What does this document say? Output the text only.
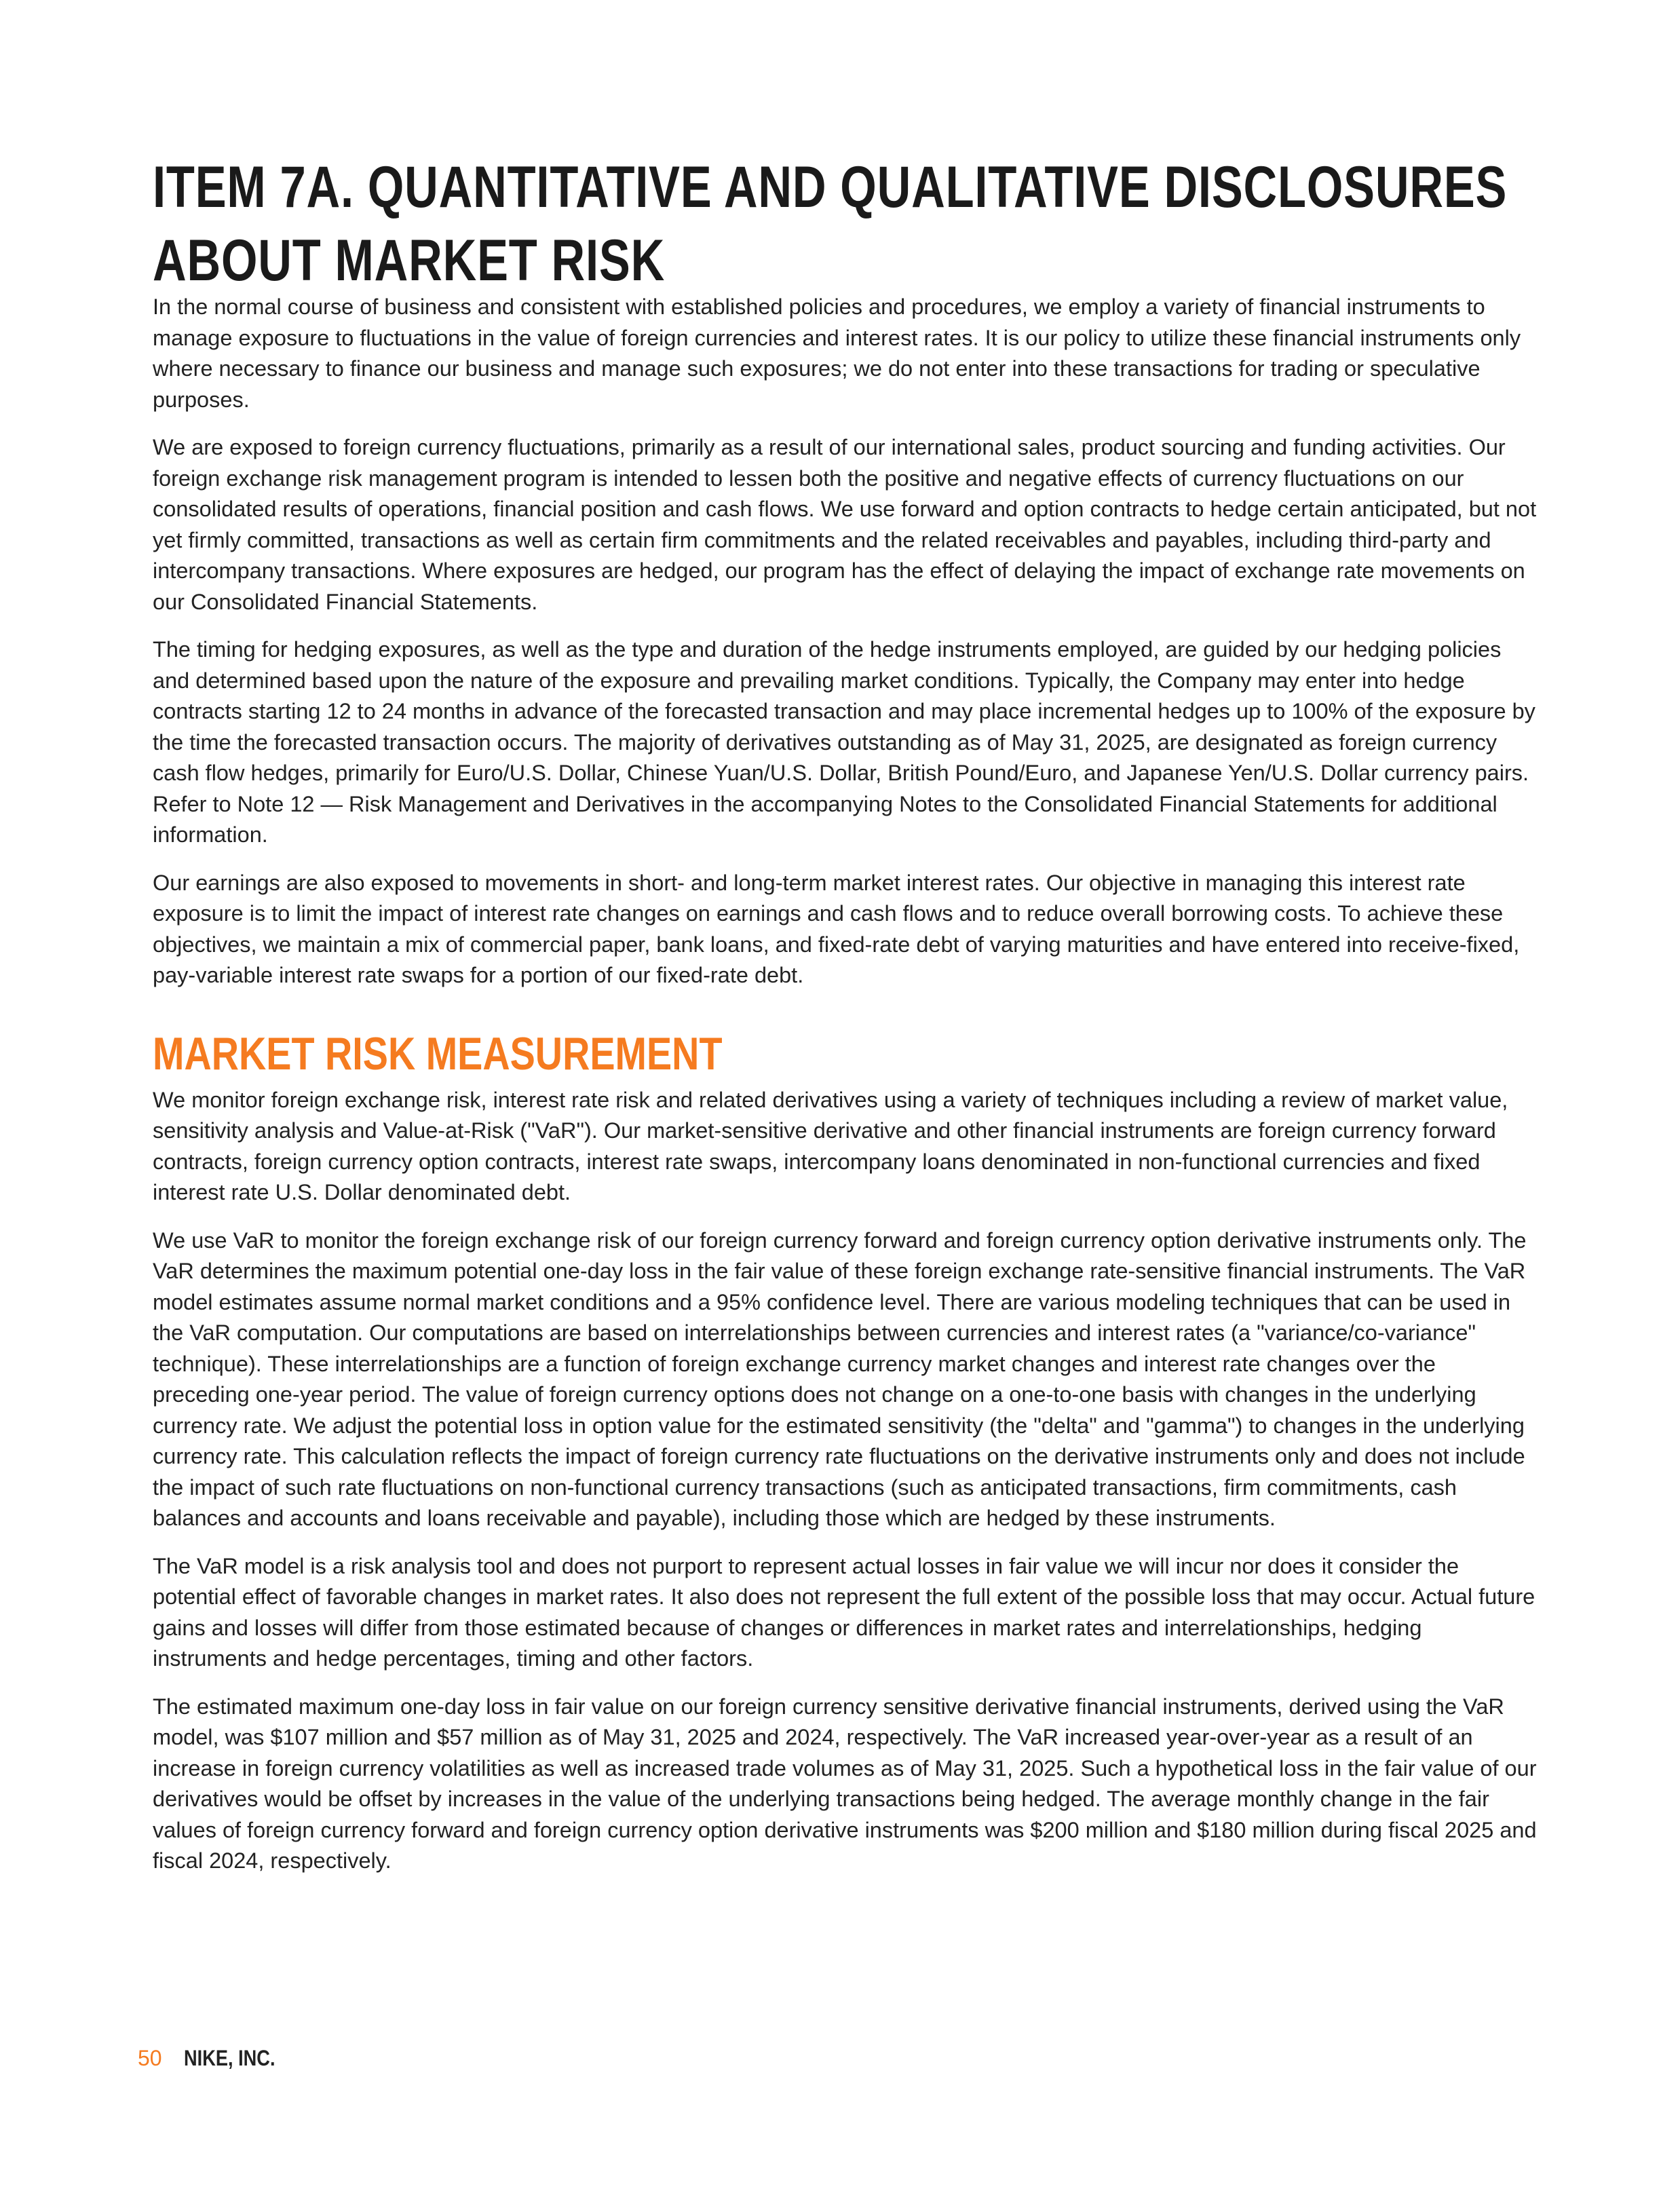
ITEM 7A. QUANTITATIVE AND QUALITATIVE DISCLOSURES
ABOUT MARKET RISK

In the normal course of business and consistent with established policies and procedures, we employ a variety of financial instruments to manage exposure to fluctuations in the value of foreign currencies and interest rates. It is our policy to utilize these financial instruments only where necessary to finance our business and manage such exposures; we do not enter into these transactions for trading or speculative purposes.

We are exposed to foreign currency fluctuations, primarily as a result of our international sales, product sourcing and funding activities. Our foreign exchange risk management program is intended to lessen both the positive and negative effects of currency fluctuations on our consolidated results of operations, financial position and cash flows. We use forward and option contracts to hedge certain anticipated, but not yet firmly committed, transactions as well as certain firm commitments and the related receivables and payables, including third-party and intercompany transactions. Where exposures are hedged, our program has the effect of delaying the impact of exchange rate movements on our Consolidated Financial Statements.

The timing for hedging exposures, as well as the type and duration of the hedge instruments employed, are guided by our hedging policies and determined based upon the nature of the exposure and prevailing market conditions. Typically, the Company may enter into hedge contracts starting 12 to 24 months in advance of the forecasted transaction and may place incremental hedges up to 100% of the exposure by the time the forecasted transaction occurs. The majority of derivatives outstanding as of May 31, 2025, are designated as foreign currency cash flow hedges, primarily for Euro/U.S. Dollar, Chinese Yuan/U.S. Dollar, British Pound/Euro, and Japanese Yen/U.S. Dollar currency pairs. Refer to Note 12 — Risk Management and Derivatives in the accompanying Notes to the Consolidated Financial Statements for additional information.

Our earnings are also exposed to movements in short- and long-term market interest rates. Our objective in managing this interest rate exposure is to limit the impact of interest rate changes on earnings and cash flows and to reduce overall borrowing costs. To achieve these objectives, we maintain a mix of commercial paper, bank loans, and fixed-rate debt of varying maturities and have entered into receive-fixed, pay-variable interest rate swaps for a portion of our fixed-rate debt.

MARKET RISK MEASUREMENT

We monitor foreign exchange risk, interest rate risk and related derivatives using a variety of techniques including a review of market value, sensitivity analysis and Value-at-Risk ("VaR"). Our market-sensitive derivative and other financial instruments are foreign currency forward contracts, foreign currency option contracts, interest rate swaps, intercompany loans denominated in non-functional currencies and fixed interest rate U.S. Dollar denominated debt.

We use VaR to monitor the foreign exchange risk of our foreign currency forward and foreign currency option derivative instruments only. The VaR determines the maximum potential one-day loss in the fair value of these foreign exchange rate-sensitive financial instruments. The VaR model estimates assume normal market conditions and a 95% confidence level. There are various modeling techniques that can be used in the VaR computation. Our computations are based on interrelationships between currencies and interest rates (a "variance/co-variance" technique). These interrelationships are a function of foreign exchange currency market changes and interest rate changes over the preceding one-year period. The value of foreign currency options does not change on a one-to-one basis with changes in the underlying currency rate. We adjust the potential loss in option value for the estimated sensitivity (the "delta" and "gamma") to changes in the underlying currency rate. This calculation reflects the impact of foreign currency rate fluctuations on the derivative instruments only and does not include the impact of such rate fluctuations on non-functional currency transactions (such as anticipated transactions, firm commitments, cash balances and accounts and loans receivable and payable), including those which are hedged by these instruments.

The VaR model is a risk analysis tool and does not purport to represent actual losses in fair value we will incur nor does it consider the potential effect of favorable changes in market rates. It also does not represent the full extent of the possible loss that may occur. Actual future gains and losses will differ from those estimated because of changes or differences in market rates and interrelationships, hedging instruments and hedge percentages, timing and other factors.

The estimated maximum one-day loss in fair value on our foreign currency sensitive derivative financial instruments, derived using the VaR model, was $107 million and $57 million as of May 31, 2025 and 2024, respectively. The VaR increased year-over-year as a result of an increase in foreign currency volatilities as well as increased trade volumes as of May 31, 2025. Such a hypothetical loss in the fair value of our derivatives would be offset by increases in the value of the underlying transactions being hedged. The average monthly change in the fair values of foreign currency forward and foreign currency option derivative instruments was $200 million and $180 million during fiscal 2025 and fiscal 2024, respectively.

50 NIKE, INC.
